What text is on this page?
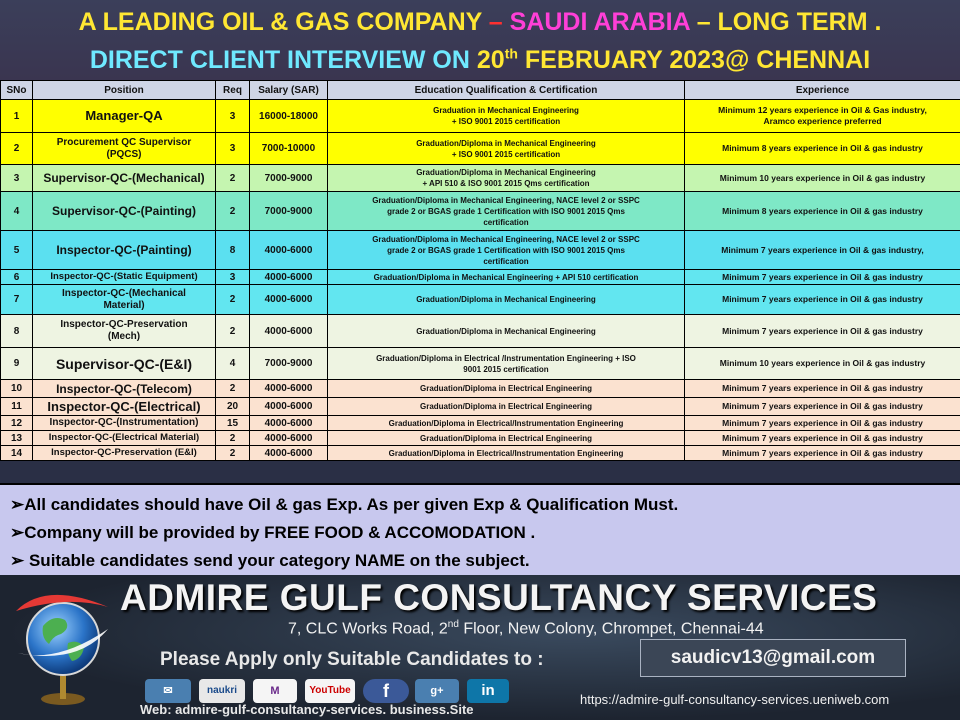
A LEADING OIL & GAS COMPANY – SAUDI ARABIA – LONG TERM .
DIRECT CLIENT INTERVIEW ON 20th FEBRUARY 2023@ CHENNAI
SNo	Position	Req	Salary (SAR)	Education Qualification & Certification	Experience
1	Manager-QA	3	16000-18000	Graduation in Mechanical Engineering
+ ISO 9001 2015 certification	Minimum 12 years experience in Oil & Gas industry,
Aramco experience preferred
2	Procurement QC Supervisor
(PQCS)	3	7000-10000	Graduation/Diploma in Mechanical Engineering
+ ISO 9001 2015 certification	Minimum 8 years experience in Oil & gas industry
3	Supervisor-QC-(Mechanical)	2	7000-9000	Graduation/Diploma in Mechanical Engineering
+ API 510 & ISO 9001 2015 Qms certification	Minimum 10 years experience in Oil & gas industry
4	Supervisor-QC-(Painting)	2	7000-9000	Graduation/Diploma in Mechanical Engineering, NACE level 2 or SSPC
grade 2 or BGAS grade 1 Certification with ISO 9001 2015 Qms
certification	Minimum 8 years experience in Oil & gas industry
5	Inspector-QC-(Painting)	8	4000-6000	Graduation/Diploma in Mechanical Engineering, NACE level 2 or SSPC
grade 2 or BGAS grade 1 Certification with ISO 9001 2015 Qms
certification	Minimum 7 years experience in Oil & gas industry,
6	Inspector-QC-(Static Equipment)	3	4000-6000	Graduation/Diploma in Mechanical Engineering + API 510 certification	Minimum 7 years experience in Oil & gas industry
7	Inspector-QC-(Mechanical
Material)	2	4000-6000	Graduation/Diploma in Mechanical Engineering	Minimum 7 years experience in Oil & gas industry
8	Inspector-QC-Preservation
(Mech)	2	4000-6000	Graduation/Diploma in Mechanical Engineering	Minimum 7 years experience in Oil & gas industry
9	Supervisor-QC-(E&I)	4	7000-9000	Graduation/Diploma in Electrical /Instrumentation Engineering + ISO
9001 2015 certification	Minimum 10 years experience in Oil & gas industry
10	Inspector-QC-(Telecom)	2	4000-6000	Graduation/Diploma in Electrical Engineering	Minimum 7 years experience in Oil & gas industry
11	Inspector-QC-(Electrical)	20	4000-6000	Graduation/Diploma in Electrical Engineering	Minimum 7 years experience in Oil & gas industry
12	Inspector-QC-(Instrumentation)	15	4000-6000	Graduation/Diploma in Electrical/Instrumentation Engineering	Minimum 7 years experience in Oil & gas industry
13	Inspector-QC-(Electrical Material)	2	4000-6000	Graduation/Diploma in Electrical Engineering	Minimum 7 years experience in Oil & gas industry
14	Inspector-QC-Preservation (E&I)	2	4000-6000	Graduation/Diploma in Electrical/Instrumentation Engineering	Minimum 7 years experience in Oil & gas industry
➢All candidates should have Oil & gas Exp. As per given Exp & Qualification Must.
➢Company will be provided by FREE FOOD & ACCOMODATION .
➢ Suitable candidates send your category NAME on the subject.
ADMIRE GULF CONSULTANCY SERVICES
7, CLC Works Road, 2nd Floor, New Colony, Chrompet, Chennai-44
Please Apply only Suitable Candidates to :	saudicv13@gmail.com
✉	naukri	M	YouTube	f	g+	in
Web: admire-gulf-consultancy-services. business.Site
https://admire-gulf-consultancy-services.ueniweb.com
